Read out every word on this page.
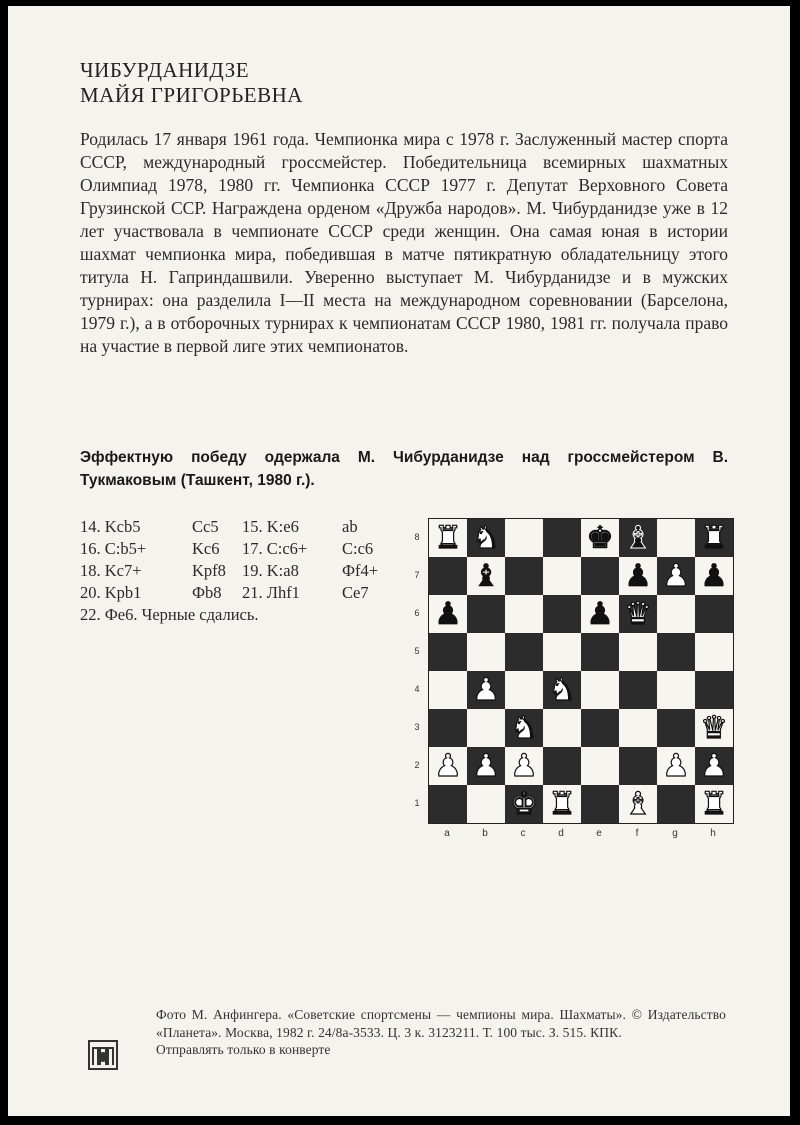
ЧИБУРДАНИДЗЕ
МАЙЯ ГРИГОРЬЕВНА

Родилась 17 января 1961 года. Чемпионка мира с 1978 г. Заслуженный мастер спорта СССР, международный гроссмейстер. Победительница всемирных шахматных Олимпиад 1978, 1980 гг. Чемпионка СССР 1977 г. Депутат Верховного Совета Грузинской ССР. Награждена орденом «Дружба народов». М. Чибурданидзе уже в 12 лет участвовала в чемпионате СССР среди женщин. Она самая юная в истории шахмат чемпионка мира, победившая в матче пятикратную обладательницу этого титула Н. Гаприндашвили. Уверенно выступает М. Чибурданидзе и в мужских турнирах: она разделила I—II места на международном соревновании (Барселона, 1979 г.), а в отборочных турнирах к чемпионатам СССР 1980, 1981 гг. получала право на участие в первой лиге этих чемпионатов.

Эффектную победу одержала М. Чибурданидзе над гроссмейстером В. Тукмаковым (Ташкент, 1980 г.).
14. Kcb5	Cc5	15. K:e6	ab
16. C:b5+	Kc6	17. C:c6+	C:c6
18. Kc7+	Kpf8 19. K:a8	Фf4+
20. Kpb1	Фb8	21. Лhf1	Ce7
22. Фе6. Черные сдались.
8
7
6
5
4
3
2
1
♜ ♞	♚ ♝ ♜
♝	♟ ♟ ♟
♟	♟ ♛
♟ ♞
♞	♛
♟ ♟ ♟	♟ ♟
♚ ♜ ♝ ♜
a	b	c	d	e	f	g	h

Фото М. Анфингера. «Советские спортсмены — чемпионы мира. Шахматы». © Издательство «Планета». Москва, 1982 г. 24/8а-3533. Ц. 3 к. 3123211. Т. 100 тыс. З. 515. КПК.

Отправлять только в конверте
